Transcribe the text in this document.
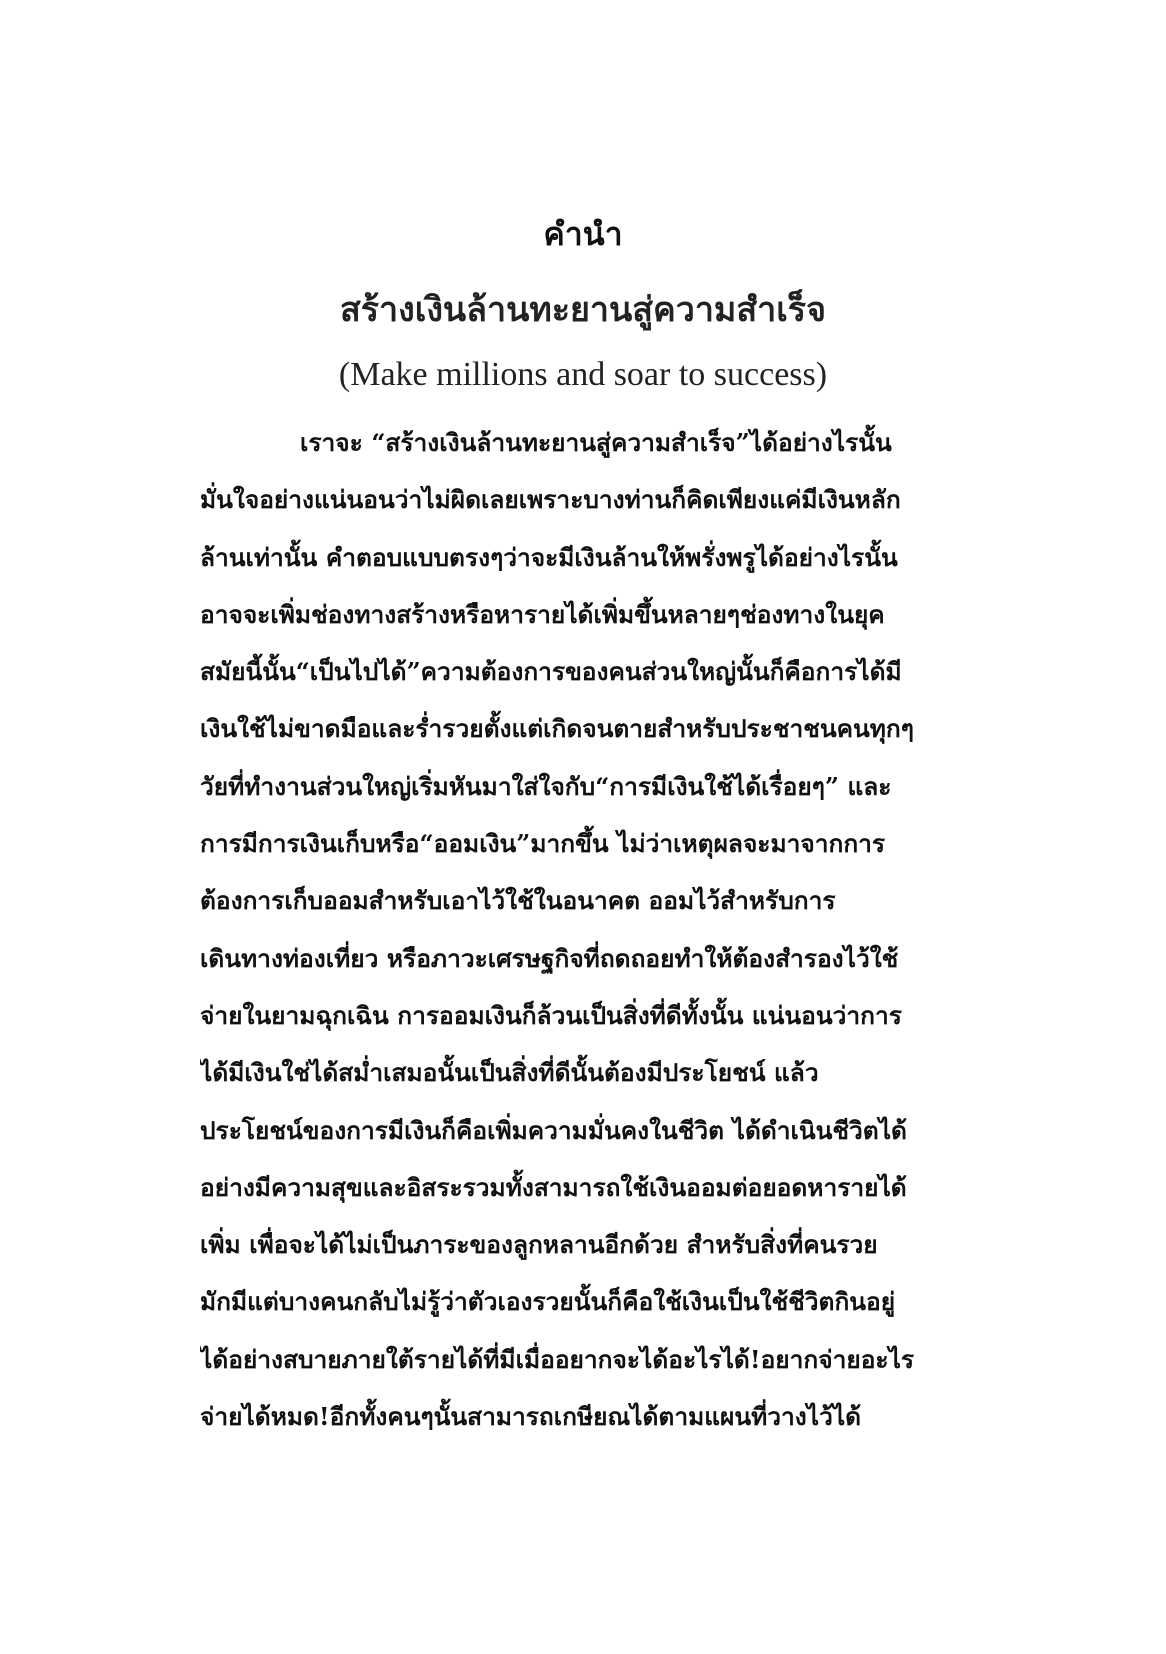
คำนำ
สร้างเงินล้านทะยานสู่ความสำเร็จ

(Make millions and soar to success)

เราจะ “สร้างเงินล้านทะยานสู่ความสำเร็จ”ได้อย่างไรนั้น
มั่นใจอย่างแน่นอนว่าไม่ผิดเลยเพราะบางท่านก็คิดเพียงแค่มีเงินหลัก
ล้านเท่านั้น คำตอบแบบตรงๆว่าจะมีเงินล้านให้พรั่งพรูได้อย่างไรนั้น
อาจจะเพิ่มช่องทางสร้างหรือหารายได้เพิ่มขึ้นหลายๆช่องทางในยุค
สมัยนี้นั้น“เป็นไปได้”ความต้องการของคนส่วนใหญ่นั้นก็คือการได้มี
เงินใช้ไม่ขาดมือและร่ำรวยตั้งแต่เกิดจนตายสำหรับประชาชนคนทุกๆ
วัยที่ทำงานส่วนใหญ่เริ่มหันมาใส่ใจกับ“การมีเงินใช้ได้เรื่อยๆ” และ
การมีการเงินเก็บหรือ“ออมเงิน”มากขึ้น ไม่ว่าเหตุผลจะมาจากการ
ต้องการเก็บออมสำหรับเอาไว้ใช้ในอนาคต ออมไว้สำหรับการ
เดินทางท่องเที่ยว หรือภาวะเศรษฐกิจที่ถดถอยทำให้ต้องสำรองไว้ใช้
จ่ายในยามฉุกเฉิน การออมเงินก็ล้วนเป็นสิ่งที่ดีทั้งนั้น แน่นอนว่าการ
ได้มีเงินใช่ได้สม่ำเสมอนั้นเป็นสิ่งที่ดีนั้นต้องมีประโยชน์ แล้ว
ประโยชน์ของการมีเงินก็คือเพิ่มความมั่นคงในชีวิต ได้ดำเนินชีวิตได้
อย่างมีความสุขและอิสระรวมทั้งสามารถใช้เงินออมต่อยอดหารายได้
เพิ่ม เพื่อจะได้ไม่เป็นภาระของลูกหลานอีกด้วย สำหรับสิ่งที่คนรวย
มักมีแต่บางคนกลับไม่รู้ว่าตัวเองรวยนั้นก็คือใช้เงินเป็นใช้ชีวิตกินอยู่
ได้อย่างสบายภายใต้รายได้ที่มีเมื่ออยากจะได้อะไรได้!อยากจ่ายอะไร
จ่ายได้หมด!อีกทั้งคนๆนั้นสามารถเกษียณได้ตามแผนที่วางไว้ได้
